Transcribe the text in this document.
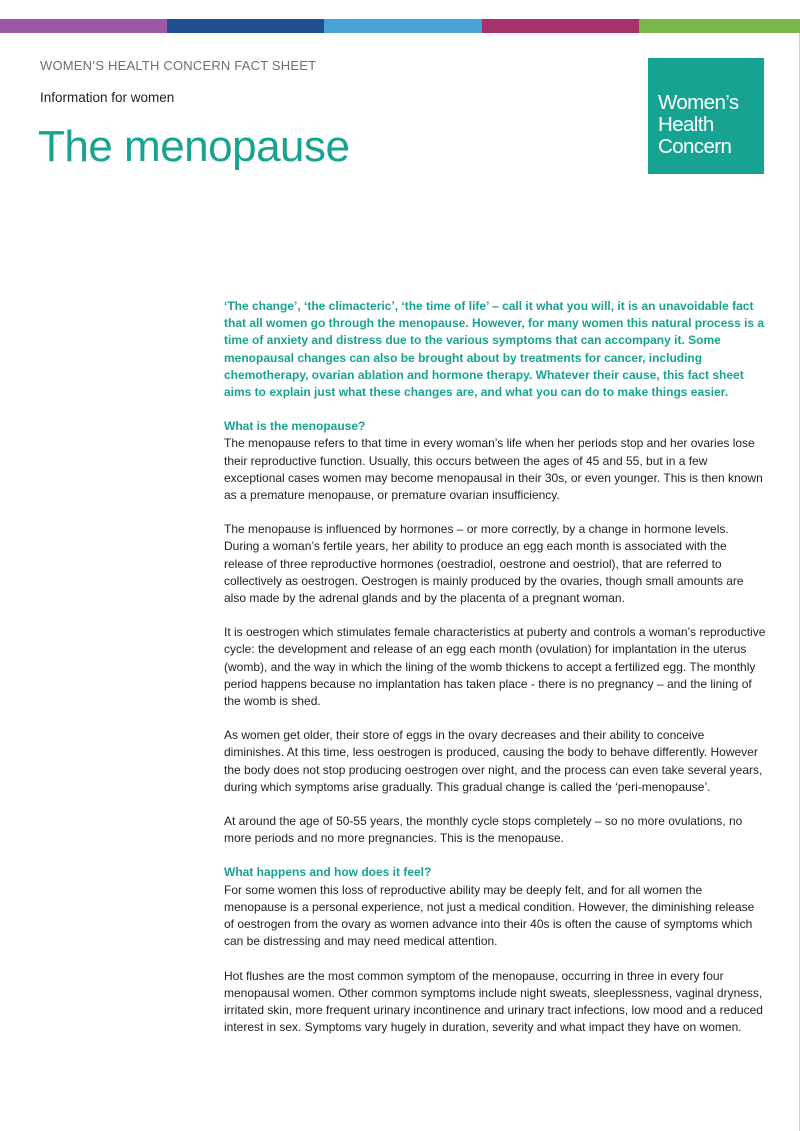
WOMEN’S HEALTH CONCERN FACT SHEET
Information for women
The menopause
Women’s
Health
Concern

‘The change’, ‘the climacteric’, ‘the time of life’ – call it what you will, it is an unavoidable fact that all women go through the menopause. However, for many women this natural process is a time of anxiety and distress due to the various symptoms that can accompany it. Some menopausal changes can also be brought about by treatments for cancer, including chemotherapy, ovarian ablation and hormone therapy. Whatever their cause, this fact sheet aims to explain just what these changes are, and what you can do to make things easier.

What is the menopause?

The menopause refers to that time in every woman’s life when her periods stop and her ovaries lose their reproductive function. Usually, this occurs between the ages of 45 and 55, but in a few exceptional cases women may become menopausal in their 30s, or even younger. This is then known as a premature menopause, or premature ovarian insufficiency.

The menopause is influenced by hormones – or more correctly, by a change in hormone levels. During a woman’s fertile years, her ability to produce an egg each month is associated with the release of three reproductive hormones (oestradiol, oestrone and oestriol), that are referred to collectively as oestrogen. Oestrogen is mainly produced by the ovaries, though small amounts are also made by the adrenal glands and by the placenta of a pregnant woman.

It is oestrogen which stimulates female characteristics at puberty and controls a woman’s reproductive cycle: the development and release of an egg each month (ovulation) for implantation in the uterus (womb), and the way in which the lining of the womb thickens to accept a fertilized egg. The monthly period happens because no implantation has taken place - there is no pregnancy – and the lining of the womb is shed.

As women get older, their store of eggs in the ovary decreases and their ability to conceive diminishes. At this time, less oestrogen is produced, causing the body to behave differently. However the body does not stop producing oestrogen over night, and the process can even take several years, during which symptoms arise gradually. This gradual change is called the ‘peri-menopause’.

At around the age of 50-55 years, the monthly cycle stops completely – so no more ovulations, no more periods and no more pregnancies. This is the menopause.

What happens and how does it feel?

For some women this loss of reproductive ability may be deeply felt, and for all women the menopause is a personal experience, not just a medical condition. However, the diminishing release of oestrogen from the ovary as women advance into their 40s is often the cause of symptoms which can be distressing and may need medical attention.

Hot flushes are the most common symptom of the menopause, occurring in three in every four menopausal women. Other common symptoms include night sweats, sleeplessness, vaginal dryness, irritated skin, more frequent urinary incontinence and urinary tract infections, low mood and a reduced interest in sex. Symptoms vary hugely in duration, severity and what impact they have on women.
